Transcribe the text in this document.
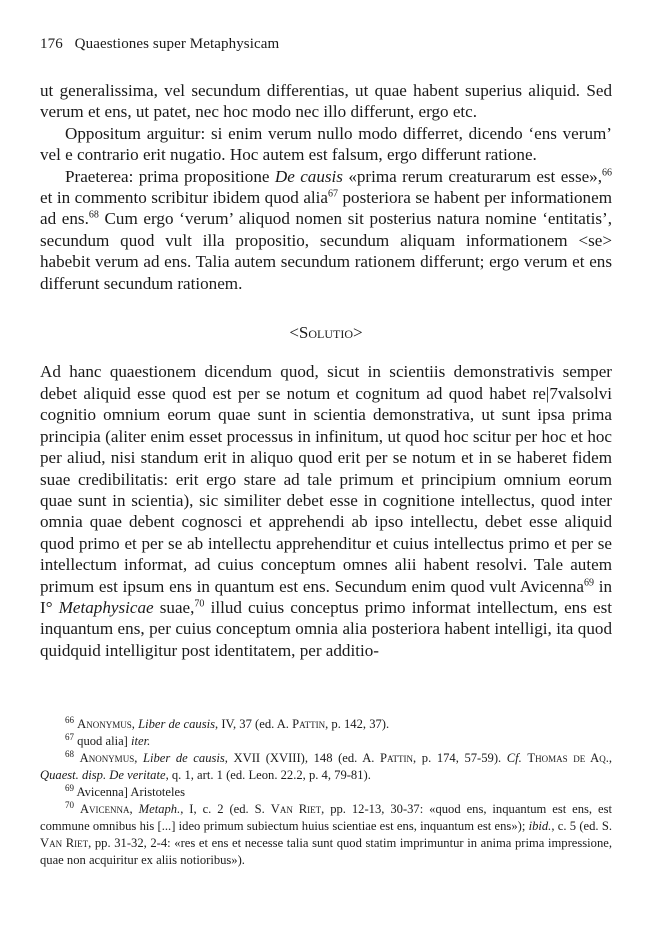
176 Quaestiones super Metaphysicam

ut generalissima, vel secundum differentias, ut quae habent superius aliquid. Sed verum et ens, ut patet, nec hoc modo nec illo differunt, ergo etc.

Oppositum arguitur: si enim verum nullo modo differret, dicendo ‘ens verum’ vel e contrario erit nugatio. Hoc autem est falsum, ergo differunt ratione.

Praeterea: prima propositione De causis «prima rerum creaturarum est esse»,$^{66}$ et in commento scribitur ibidem quod alia$^{67}$ posteriora se habent per informationem ad ens.$^{68}$ Cum ergo ‘verum’ aliquod nomen sit posterius natura nomine ‘entitatis’, secundum quod vult illa propositio, secundum aliquam informationem <se> habebit verum ad ens. Talia autem secundum rationem differunt; ergo verum et ens differunt secundum rationem.

<Solutio>

Ad hanc quaestionem dicendum quod, sicut in scientiis demonstrativis semper debet aliquid esse quod est per se notum et cognitum ad quod habet re|7valsolvi cognitio omnium eorum quae sunt in scientia demonstrativa, ut sunt ipsa prima principia (aliter enim esset processus in infinitum, ut quod hoc scitur per hoc et hoc per aliud, nisi standum erit in aliquo quod erit per se notum et in se haberet fidem suae credibilitatis: erit ergo stare ad tale primum et principium omnium eorum quae sunt in scientia), sic similiter debet esse in cognitione intellectus, quod inter omnia quae debent cognosci et apprehendi ab ipso intellectu, debet esse aliquid quod primo et per se ab intellectu apprehenditur et cuius intellectus primo et per se intellectum informat, ad cuius conceptum omnes alii habent resolvi. Tale autem primum est ipsum ens in quantum est ens. Secundum enim quod vult Avicenna$^{69}$ in I° Metaphysicae suae,$^{70}$ illud cuius conceptus primo informat intellectum, ens est inquantum ens, per cuius conceptum omnia alia posteriora habent intelligi, ita quod quidquid intelligitur post identitatem, per additio-

$^{66}$ Anonymus, Liber de causis, IV, 37 (ed. A. Pattin, p. 142, 37).

$^{67}$ quod alia] iter.

$^{68}$ Anonymus, Liber de causis, XVII (XVIII), 148 (ed. A. Pattin, p. 174, 57-59). Cf. Thomas de Aq., Quaest. disp. De veritate, q. 1, art. 1 (ed. Leon. 22.2, p. 4, 79-81).

$^{69}$ Avicenna] Aristoteles

$^{70}$ Avicenna, Metaph., I, c. 2 (ed. S. Van Riet, pp. 12-13, 30-37: «quod ens, inquantum est ens, est commune omnibus his [...] ideo primum subiectum huius scientiae est ens, inquantum est ens»); ibid., c. 5 (ed. S. Van Riet, pp. 31-32, 2-4: «res et ens et necesse talia sunt quod statim imprimuntur in anima prima impressione, quae non acquiritur ex aliis notioribus»).
